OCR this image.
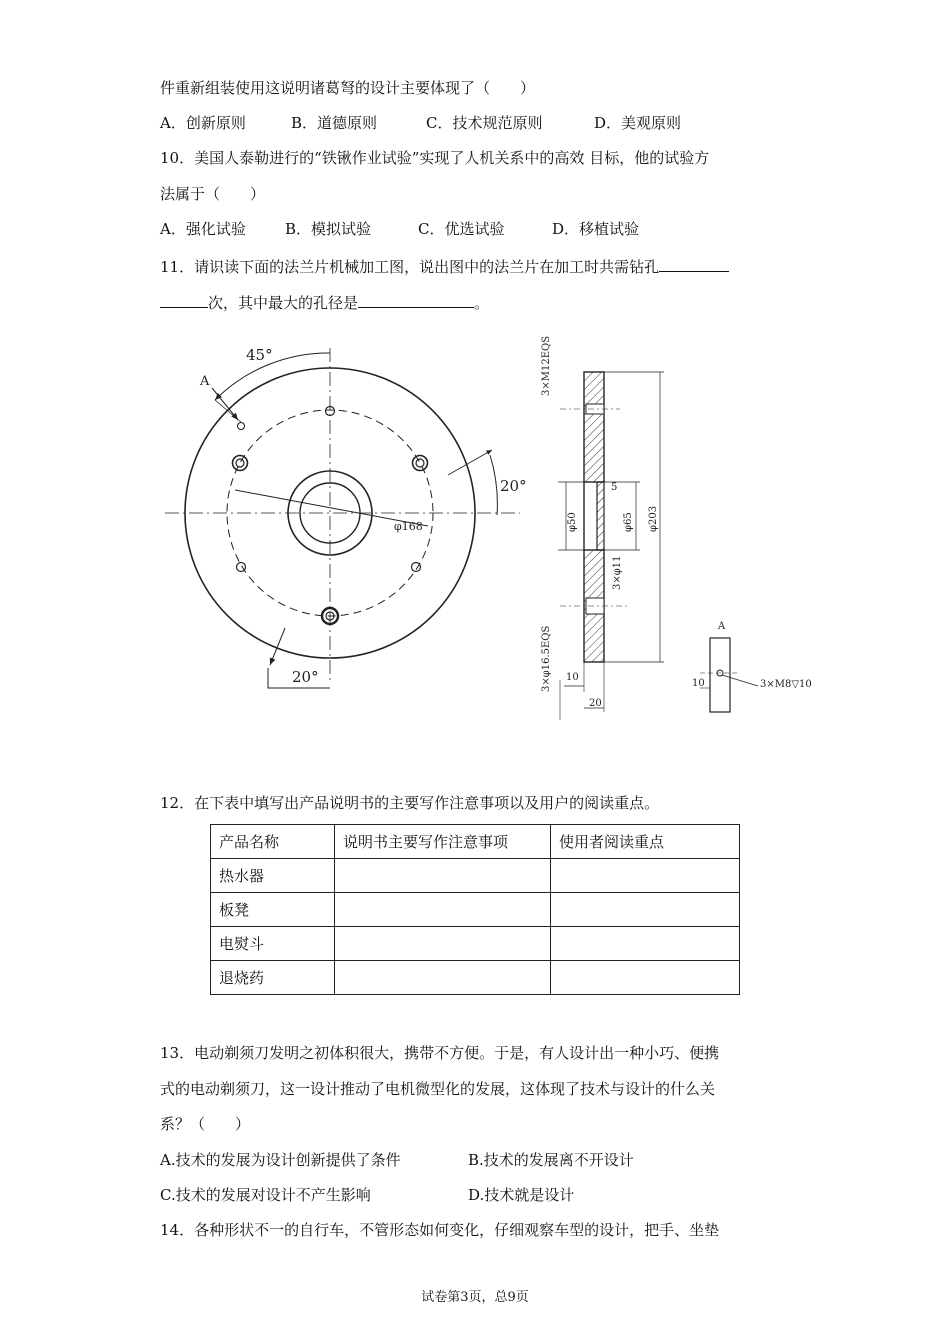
件重新组装使用这说明诸葛弩的设计主要体现了（　　）
A．创新原则	B．道德原则	C．技术规范原则	D．美观原则
10．美国人泰勒进行的“铁锹作业试验”实现了人机关系中的高效 目标，他的试验方
法属于（　　）
A．强化试验	B．模拟试验	C．优选试验	D．移植试验
11．请识读下面的法兰片机械加工图，说出图中的法兰片在加工时共需钻孔
次，其中最大的孔径是	。
45°
A
20°
φ168
20°
3×M12EQS
φ50
5
φ65 φ203
3×φ11
3×φ16.5EQS 10
20
A
10	3×M8▽10
12．在下表中填写出产品说明书的主要写作注意事项以及用户的阅读重点。
产品名称	说明书主要写作注意事项	使用者阅读重点
热水器		
板凳		
电熨斗		
退烧药		
13．电动剃须刀发明之初体积很大，携带不方便。于是，有人设计出一种小巧、便携
式的电动剃须刀，这一设计推动了电机微型化的发展，这体现了技术与设计的什么关
系？（　　）
A.技术的发展为设计创新提供了条件	B.技术的发展离不开设计
C.技术的发展对设计不产生影响	D.技术就是设计
14．各种形状不一的自行车，不管形态如何变化，仔细观察车型的设计，把手、坐垫
试卷第3页，总9页
